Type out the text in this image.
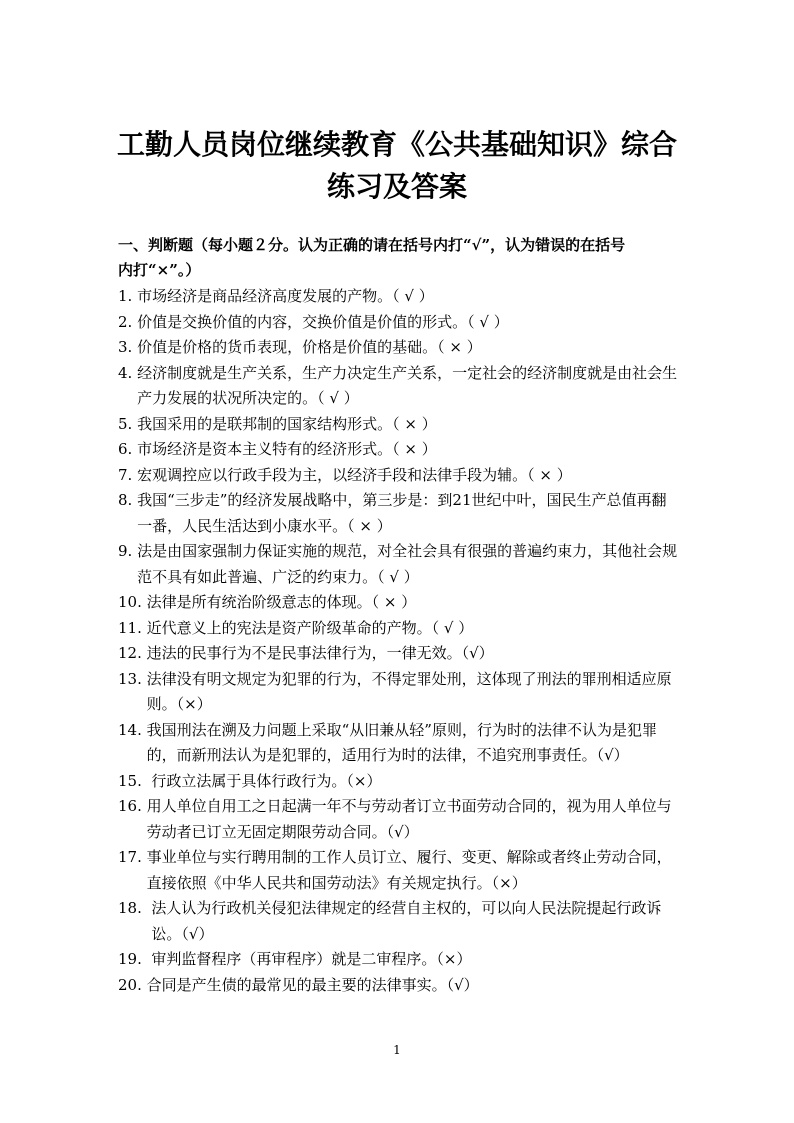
工勤人员岗位继续教育《公共基础知识》综合练习及答案
一、判断题（每小题２分。认为正确的请在括号内打“√”，认为错误的在括号
内打“×”。）
1. 市场经济是商品经济高度发展的产物。（ √ ）
2. 价值是交换价值的内容，交换价值是价值的形式。（ √ ）
3. 价值是价格的货币表现，价格是价值的基础。（ × ）
4. 经济制度就是生产关系，生产力决定生产关系，一定社会的经济制度就是由社会生产力发展的状况所决定的。（ √ ）
5. 我国采用的是联邦制的国家结构形式。（ × ）
6. 市场经济是资本主义特有的经济形式。（ × ）
7. 宏观调控应以行政手段为主，以经济手段和法律手段为辅。（ × ）
8. 我国“三步走”的经济发展战略中，第三步是：到21世纪中叶，国民生产总值再翻一番，人民生活达到小康水平。（ × ）
9. 法是由国家强制力保证实施的规范，对全社会具有很强的普遍约束力，其他社会规范不具有如此普遍、广泛的约束力。（ √ ）
10. 法律是所有统治阶级意志的体现。（ × ）
11. 近代意义上的宪法是资产阶级革命的产物。（ √ ）
12. 违法的民事行为不是民事法律行为，一律无效。（√）
13. 法律没有明文规定为犯罪的行为，不得定罪处刑，这体现了刑法的罪刑相适应原则。（×）
14. 我国刑法在溯及力问题上采取“从旧兼从轻”原则，行为时的法律不认为是犯罪的，而新刑法认为是犯罪的，适用行为时的法律，不追究刑事责任。（√）
15. 行政立法属于具体行政行为。（×）
16. 用人单位自用工之日起满一年不与劳动者订立书面劳动合同的，视为用人单位与劳动者已订立无固定期限劳动合同。（√）
17. 事业单位与实行聘用制的工作人员订立、履行、变更、解除或者终止劳动合同，直接依照《中华人民共和国劳动法》有关规定执行。（×）
18. 法人认为行政机关侵犯法律规定的经营自主权的，可以向人民法院提起行政诉讼。（√）
19. 审判监督程序（再审程序）就是二审程序。（×）
20. 合同是产生债的最常见的最主要的法律事实。（√）
1
